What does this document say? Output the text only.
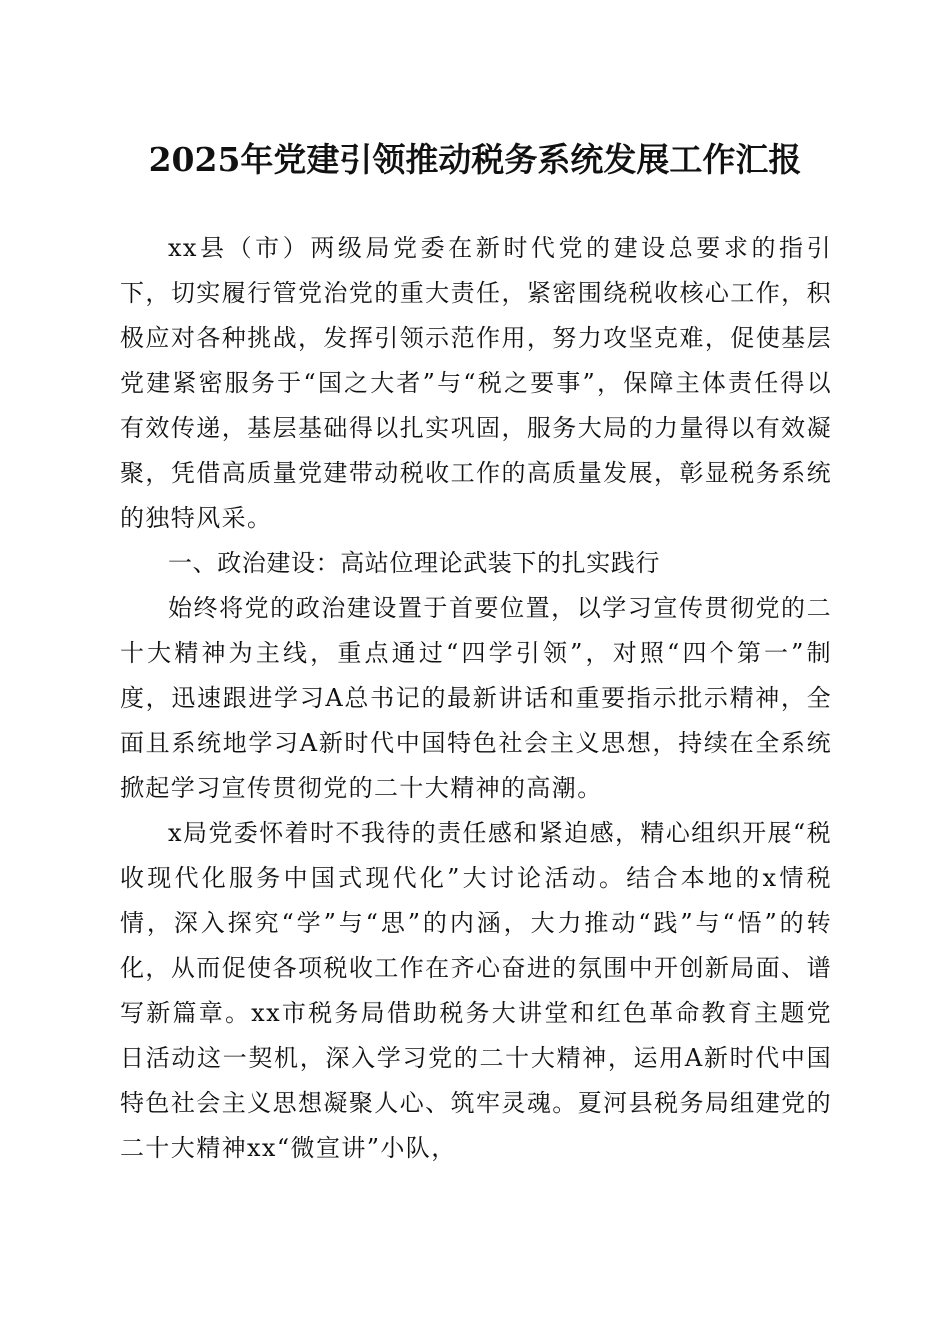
2025年党建引领推动税务系统发展工作汇报

xx县（市）两级局党委在新时代党的建设总要求的指引下，切实履行管党治党的重大责任，紧密围绕税收核心工作，积极应对各种挑战，发挥引领示范作用，努力攻坚克难，促使基层党建紧密服务于“国之大者”与“税之要事”，保障主体责任得以有效传递，基层基础得以扎实巩固，服务大局的力量得以有效凝聚，凭借高质量党建带动税收工作的高质量发展，彰显税务系统的独特风采。

一、政治建设：高站位理论武装下的扎实践行

始终将党的政治建设置于首要位置，以学习宣传贯彻党的二十大精神为主线，重点通过“四学引领”，对照“四个第一”制度，迅速跟进学习A总书记的最新讲话和重要指示批示精神，全面且系统地学习A新时代中国特色社会主义思想，持续在全系统掀起学习宣传贯彻党的二十大精神的高潮。

x局党委怀着时不我待的责任感和紧迫感，精心组织开展“税收现代化服务中国式现代化”大讨论活动。结合本地的x情税情，深入探究“学”与“思”的内涵，大力推动“践”与“悟”的转化，从而促使各项税收工作在齐心奋进的氛围中开创新局面、谱写新篇章。xx市税务局借助税务大讲堂和红色革命教育主题党日活动这一契机，深入学习党的二十大精神，运用A新时代中国特色社会主义思想凝聚人心、筑牢灵魂。夏河县税务局组建党的二十大精神xx“微宣讲”小队，
